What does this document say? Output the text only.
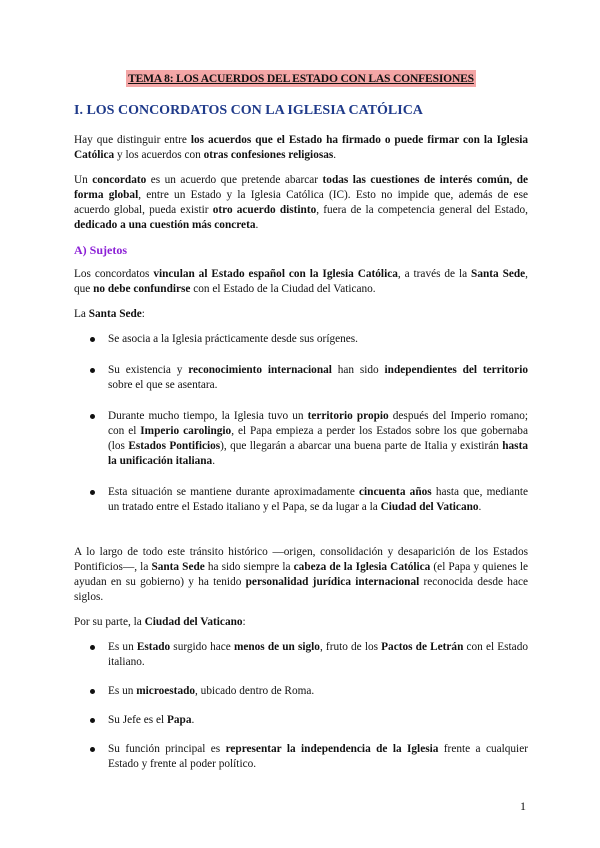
TEMA 8: LOS ACUERDOS DEL ESTADO CON LAS CONFESIONES
I. LOS CONCORDATOS CON LA IGLESIA CATÓLICA

Hay que distinguir entre los acuerdos que el Estado ha firmado o puede firmar con la Iglesia Católica y los acuerdos con otras confesiones religiosas.

Un concordato es un acuerdo que pretende abarcar todas las cuestiones de interés común, de forma global, entre un Estado y la Iglesia Católica (IC). Esto no impide que, además de ese acuerdo global, pueda existir otro acuerdo distinto, fuera de la competencia general del Estado, dedicado a una cuestión más concreta.

A) Sujetos

Los concordatos vinculan al Estado español con la Iglesia Católica, a través de la Santa Sede, que no debe confundirse con el Estado de la Ciudad del Vaticano.

La Santa Sede:

Se asocia a la Iglesia prácticamente desde sus orígenes.
Su existencia y reconocimiento internacional han sido independientes del territorio sobre el que se asentara.
Durante mucho tiempo, la Iglesia tuvo un territorio propio después del Imperio romano; con el Imperio carolingio, el Papa empieza a perder los Estados sobre los que gobernaba (los Estados Pontificios), que llegarán a abarcar una buena parte de Italia y existirán hasta la unificación italiana.
Esta situación se mantiene durante aproximadamente cincuenta años hasta que, mediante un tratado entre el Estado italiano y el Papa, se da lugar a la Ciudad del Vaticano.

A lo largo de todo este tránsito histórico —origen, consolidación y desaparición de los Estados Pontificios—, la Santa Sede ha sido siempre la cabeza de la Iglesia Católica (el Papa y quienes le ayudan en su gobierno) y ha tenido personalidad jurídica internacional reconocida desde hace siglos.

Por su parte, la Ciudad del Vaticano:

Es un Estado surgido hace menos de un siglo, fruto de los Pactos de Letrán con el Estado italiano.
Es un microestado, ubicado dentro de Roma.
Su Jefe es el Papa.
Su función principal es representar la independencia de la Iglesia frente a cualquier Estado y frente al poder político.
1
